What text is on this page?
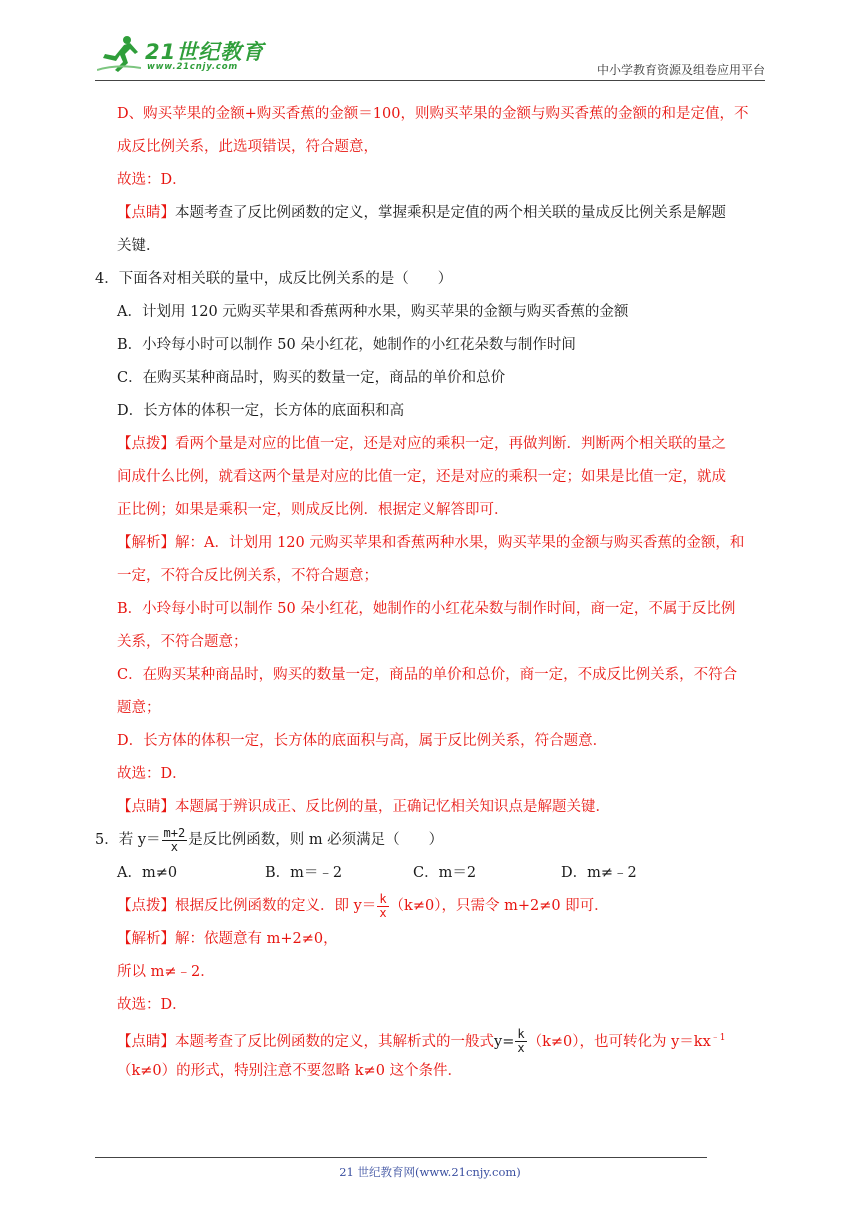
21世纪教育
www.21cnjy.com	中小学教育资源及组卷应用平台
D、购买苹果的金额+购买香蕉的金额＝100，则购买苹果的金额与购买香蕉的金额的和是定值，不
成反比例关系，此选项错误，符合题意，
故选：D．
【点睛】本题考查了反比例函数的定义，掌握乘积是定值的两个相关联的量成反比例关系是解题
关键．
4．下面各对相关联的量中，成反比例关系的是（　　）
A．计划用 120 元购买苹果和香蕉两种水果，购买苹果的金额与购买香蕉的金额
B．小玲每小时可以制作 50 朵小红花，她制作的小红花朵数与制作时间
C．在购买某种商品时，购买的数量一定，商品的单价和总价
D．长方体的体积一定，长方体的底面积和高
【点拨】看两个量是对应的比值一定，还是对应的乘积一定，再做判断．判断两个相关联的量之
间成什么比例，就看这两个量是对应的比值一定，还是对应的乘积一定；如果是比值一定，就成
正比例；如果是乘积一定，则成反比例．根据定义解答即可．
【解析】解：A．计划用 120 元购买苹果和香蕉两种水果，购买苹果的金额与购买香蕉的金额，和
一定，不符合反比例关系，不符合题意；
B．小玲每小时可以制作 50 朵小红花，她制作的小红花朵数与制作时间，商一定，不属于反比例
关系，不符合题意；
C．在购买某种商品时，购买的数量一定，商品的单价和总价，商一定，不成反比例关系，不符合
题意；
D．长方体的体积一定，长方体的底面积与高，属于反比例关系，符合题意．
故选：D．
【点睛】本题属于辨识成正、反比例的量，正确记忆相关知识点是解题关键．
5．若 $y= \frac{m+2}{x}$ 是反比例函数，则 m 必须满足（　　）
A．m≠0	B．m＝﹣2	C．m＝2	D．m≠﹣2
【点拨】根据反比例函数的定义．即 $y= \frac{k}{x} (k\ne 0)$，只需令 m+2≠0 即可．
【解析】解：依题意有 m+2≠0，
所以 m≠﹣2．
故选：D．
【点睛】本题考查了反比例函数的定义，其解析式的一般式$y= \frac{k}{x} (k\ne 0)$，也可转化为 $y=kx^{﹣1}$
（k≠0）的形式，特别注意不要忽略 k≠0 这个条件．
21 世纪教育网(www.21cnjy.com)
